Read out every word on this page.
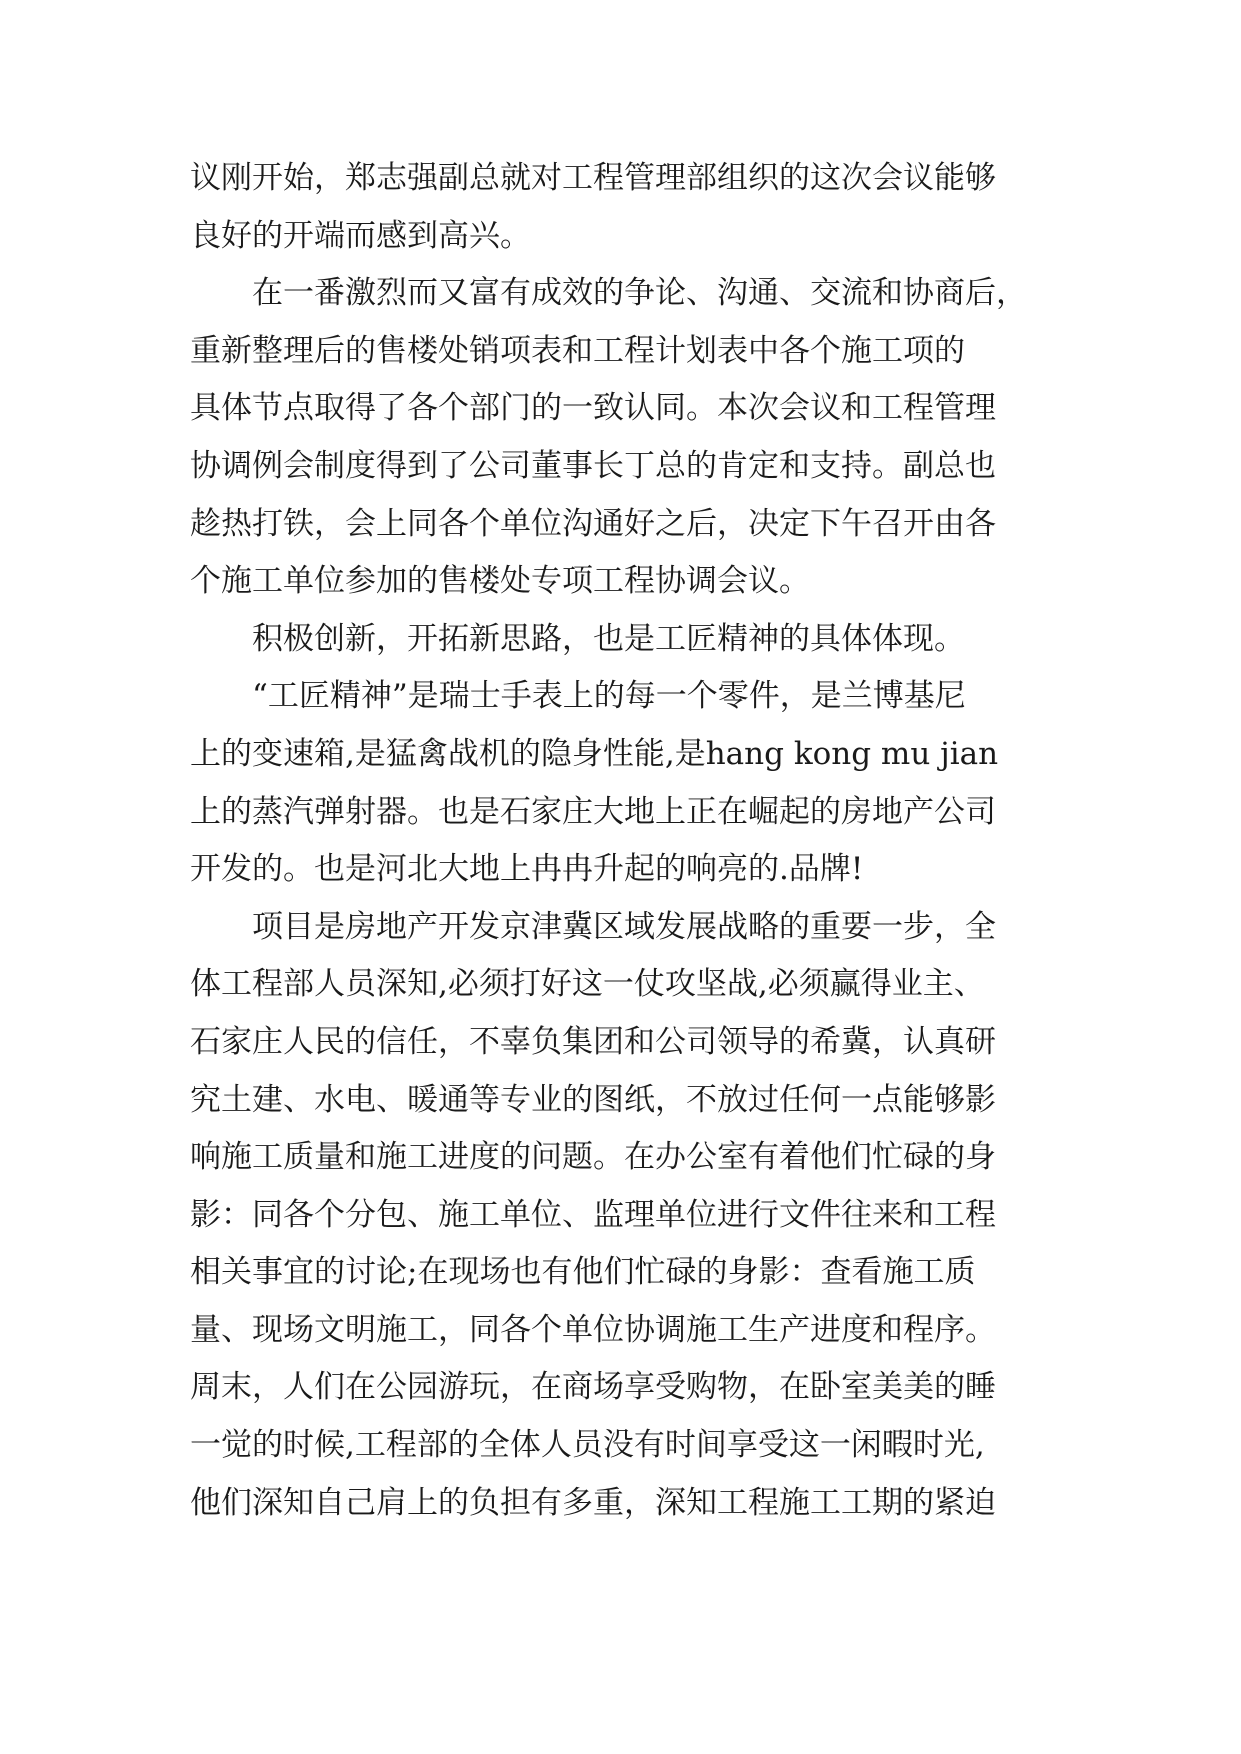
议刚开始，郑志强副总就对工程管理部组织的这次会议能够
良好的开端而感到高兴。
在一番激烈而又富有成效的争论、沟通、交流和协商后，
重新整理后的售楼处销项表和工程计划表中各个施工项的
具体节点取得了各个部门的一致认同。本次会议和工程管理
协调例会制度得到了公司董事长丁总的肯定和支持。副总也
趁热打铁，会上同各个单位沟通好之后，决定下午召开由各
个施工单位参加的售楼处专项工程协调会议。
积极创新，开拓新思路，也是工匠精神的具体体现。
“工匠精神”是瑞士手表上的每一个零件，是兰博基尼
上的变速箱,是猛禽战机的隐身性能,是hang kong mu jian
上的蒸汽弹射器。也是石家庄大地上正在崛起的房地产公司
开发的。也是河北大地上冉冉升起的响亮的.品牌!
项目是房地产开发京津冀区域发展战略的重要一步，全
体工程部人员深知,必须打好这一仗攻坚战,必须赢得业主、
石家庄人民的信任，不辜负集团和公司领导的希冀，认真研
究土建、水电、暖通等专业的图纸，不放过任何一点能够影
响施工质量和施工进度的问题。在办公室有着他们忙碌的身
影：同各个分包、施工单位、监理单位进行文件往来和工程
相关事宜的讨论;在现场也有他们忙碌的身影：查看施工质
量、现场文明施工，同各个单位协调施工生产进度和程序。
周末，人们在公园游玩，在商场享受购物，在卧室美美的睡
一觉的时候,工程部的全体人员没有时间享受这一闲暇时光,
他们深知自己肩上的负担有多重，深知工程施工工期的紧迫
